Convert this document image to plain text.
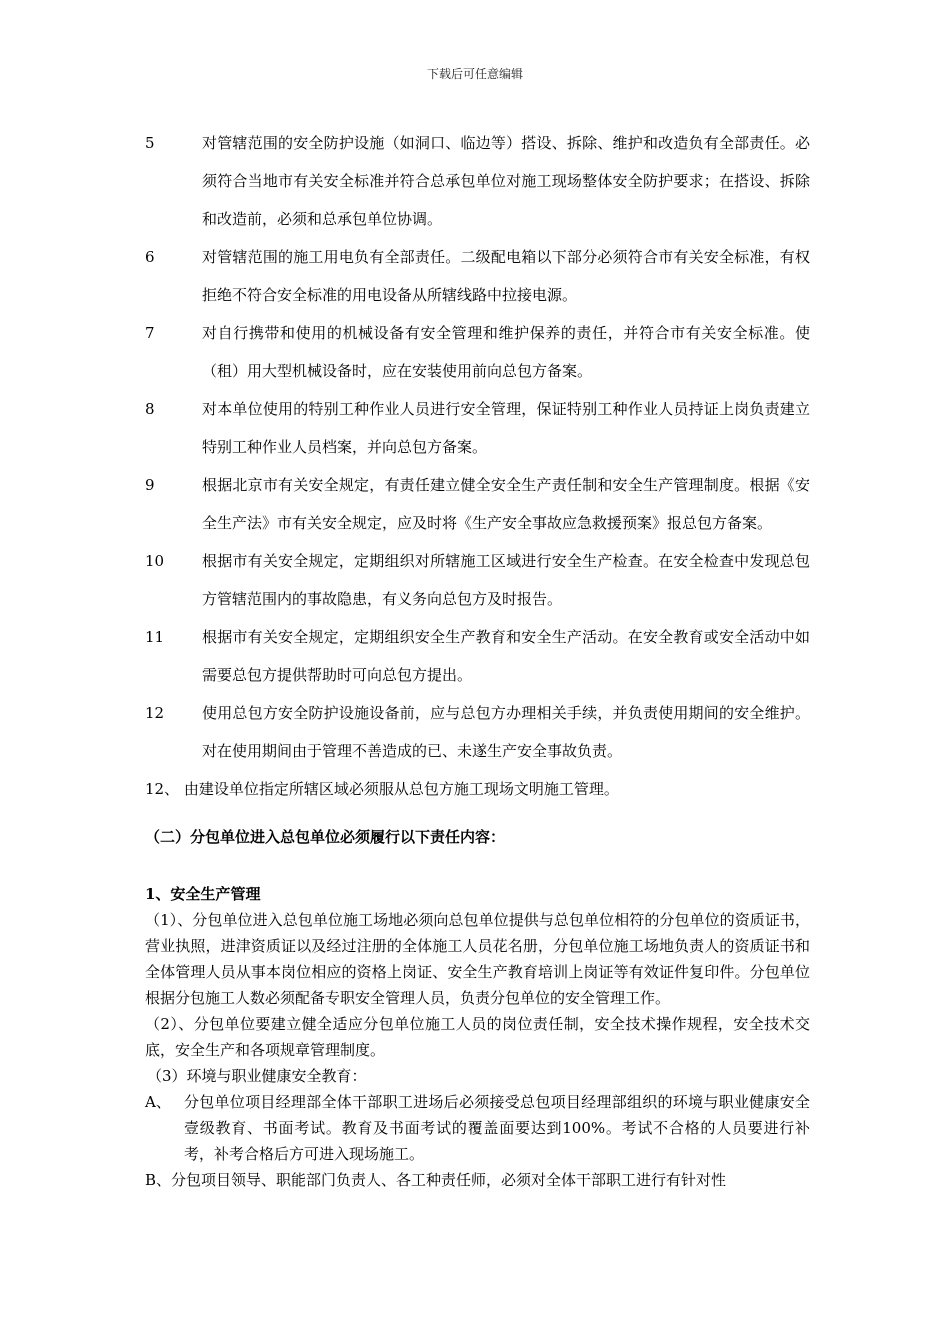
下载后可任意编辑
5	对管辖范围的安全防护设施（如洞口、临边等）搭设、拆除、维护和改造负有全部责任。必须符合当地市有关安全标准并符合总承包单位对施工现场整体安全防护要求；在搭设、拆除和改造前，必须和总承包单位协调。
6	对管辖范围的施工用电负有全部责任。二级配电箱以下部分必须符合市有关安全标准，有权拒绝不符合安全标准的用电设备从所辖线路中拉接电源。
7	对自行携带和使用的机械设备有安全管理和维护保养的责任，并符合市有关安全标准。使（租）用大型机械设备时，应在安装使用前向总包方备案。
8	对本单位使用的特别工种作业人员进行安全管理，保证特别工种作业人员持证上岗负责建立特别工种作业人员档案，并向总包方备案。
9	根据北京市有关安全规定，有责任建立健全安全生产责任制和安全生产管理制度。根据《安全生产法》市有关安全规定，应及时将《生产安全事故应急救援预案》报总包方备案。
10	根据市有关安全规定，定期组织对所辖施工区域进行安全生产检查。在安全检查中发现总包方管辖范围内的事故隐患，有义务向总包方及时报告。
11	根据市有关安全规定，定期组织安全生产教育和安全生产活动。在安全教育或安全活动中如需要总包方提供帮助时可向总包方提出。
12	使用总包方安全防护设施设备前，应与总包方办理相关手续，并负责使用期间的安全维护。对在使用期间由于管理不善造成的已、未遂生产安全事故负责。
12、 由建设单位指定所辖区域必须服从总包方施工现场文明施工管理。
（二）分包单位进入总包单位必须履行以下责任内容：
1、安全生产管理
（1）、分包单位进入总包单位施工场地必须向总包单位提供与总包单位相符的分包单位的资质证书，营业执照，进津资质证以及经过注册的全体施工人员花名册，分包单位施工场地负责人的资质证书和全体管理人员从事本岗位相应的资格上岗证、安全生产教育培训上岗证等有效证件复印件。分包单位根据分包施工人数必须配备专职安全管理人员，负责分包单位的安全管理工作。
（2）、分包单位要建立健全适应分包单位施工人员的岗位责任制，安全技术操作规程，安全技术交底，安全生产和各项规章管理制度。
（3）环境与职业健康安全教育：
A、 分包单位项目经理部全体干部职工进场后必须接受总包项目经理部组织的环境与职业健康安全壹级教育、书面考试。教育及书面考试的覆盖面要达到100%。考试不合格的人员要进行补考，补考合格后方可进入现场施工。
B、分包项目领导、职能部门负责人、各工种责任师，必须对全体干部职工进行有针对性
